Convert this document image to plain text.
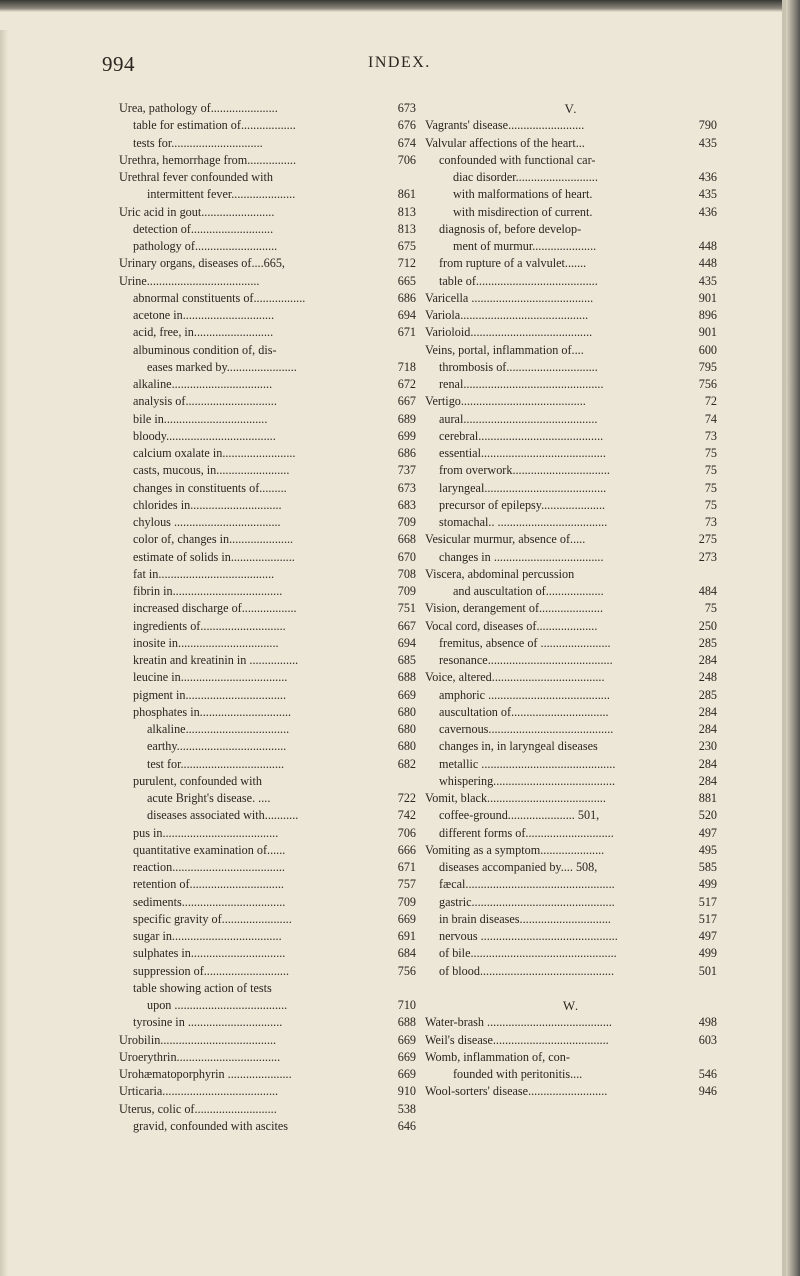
994	INDEX.
Urea, pathology of......................	673
table for estimation of..................	676
tests for..............................	674
Urethra, hemorrhage from................	706
Urethral fever confounded with
intermittent fever.....................	861
Uric acid in gout........................	813
detection of...........................	813
pathology of...........................	675
Urinary organs, diseases of....665,	712
Urine.....................................	665
abnormal constituents of.................	686
acetone in..............................	694
acid, free, in..........................	671
albuminous condition of, dis-
eases marked by.......................	718
alkaline.................................	672
analysis of..............................	667
bile in..................................	689
bloody....................................	699
calcium oxalate in........................	686
casts, mucous, in........................	737
changes in constituents of.........	673
chlorides in..............................	683
chylous ...................................	709
color of, changes in.....................	668
estimate of solids in.....................	670
fat in......................................	708
fibrin in....................................	709
increased discharge of..................	751
ingredients of............................	667
inosite in.................................	694
kreatin and kreatinin in ................	685
leucine in...................................	688
pigment in.................................	669
phosphates in..............................	680
alkaline..................................	680
earthy....................................	680
test for..................................	682
purulent, confounded with
acute Bright's disease. ....	722
diseases associated with...........	742
pus in......................................	706
quantitative examination of......	666
reaction.....................................	671
retention of...............................	757
sediments..................................	709
specific gravity of.......................	669
sugar in....................................	691
sulphates in...............................	684
suppression of............................	756
table showing action of tests
upon .....................................	710
tyrosine in ...............................	688
Urobilin......................................	669
Uroerythrin..................................	669
Urohæmatoporphyrin .....................	669
Urticaria......................................	910
Uterus, colic of...........................	538
gravid, confounded with ascites	646
V.
Vagrants' disease.........................	790
Valvular affections of the heart...	435
confounded with functional car-
diac disorder...........................	436
with malformations of heart.	435
with misdirection of current.	436
diagnosis of, before develop-
ment of murmur.....................	448
from rupture of a valvulet.......	448
table of........................................	435
Varicella ........................................	901
Variola..........................................	896
Varioloid........................................	901
Veins, portal, inflammation of....	600
thrombosis of..............................	795
renal..............................................	756
Vertigo.........................................	72
aural............................................	74
cerebral.........................................	73
essential.........................................	75
from overwork................................	75
laryngeal........................................	75
precursor of epilepsy.....................	75
stomachal.. ....................................	73
Vesicular murmur, absence of.....	275
changes in ....................................	273
Viscera, abdominal percussion
and auscultation of...................	484
Vision, derangement of.....................	75
Vocal cord, diseases of....................	250
fremitus, absence of .......................	285
resonance.........................................	284
Voice, altered.....................................	248
amphoric ........................................	285
auscultation of................................	284
cavernous.........................................	284
changes in, in laryngeal diseases	230
metallic ............................................	284
whispering........................................	284
Vomit, black.......................................	881
coffee-ground...................... 501,	520
different forms of.............................	497
Vomiting as a symptom.....................	495
diseases accompanied by.... 508,	585
fæcal.................................................	499
gastric...............................................	517
in brain diseases..............................	517
nervous .............................................	497
of bile................................................	499
of blood............................................	501
W.
Water-brash .........................................	498
Weil's disease......................................	603
Womb, inflammation of, con-
founded with peritonitis....	546
Wool-sorters' disease..........................	946
